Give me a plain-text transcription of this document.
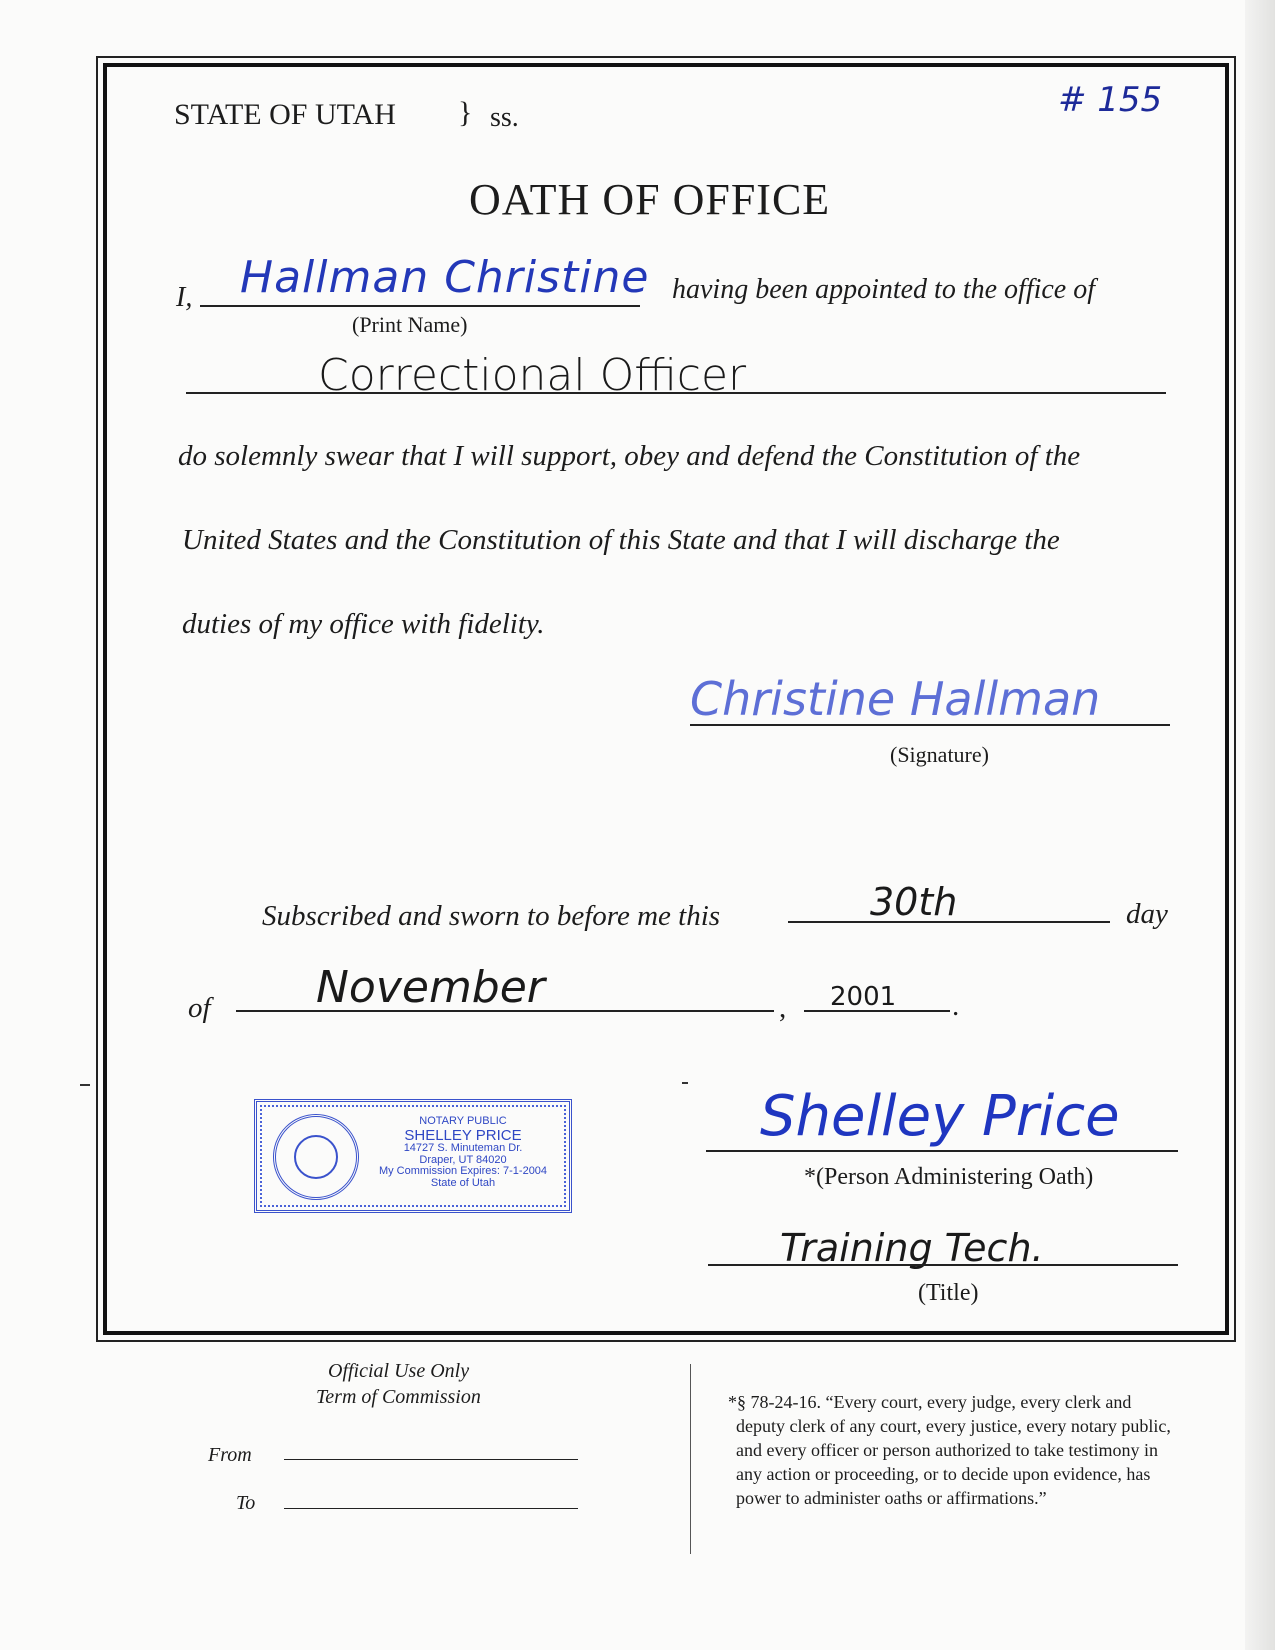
STATE OF UTAH } ss.	# 155
OATH OF OFFICE
I, Hallman Christine
(Print Name)
having been appointed to the office of
Correctional Officer
do solemnly swear that I will support, obey and defend the Constitution of the
United States and the Constitution of this State and that I will discharge the
duties of my office with fidelity.
Christine Hallman
(Signature)
Subscribed and sworn to before me this	30th	day
of November	, 2001 .
NOTARY PUBLIC
SHELLEY PRICE
14727 S. Minuteman Dr.
Draper, UT 84020
My Commission Expires: 7-1-2004
State of Utah
Shelley Price
*(Person Administering Oath)
Training Tech.
(Title)
Official Use Only
Term of Commission
From
To
*§ 78-24-16. “Every court, every judge, every clerk and
deputy clerk of any court, every justice, every notary public,
and every officer or person authorized to take testimony in
any action or proceeding, or to decide upon evidence, has
power to administer oaths or affirmations.”
